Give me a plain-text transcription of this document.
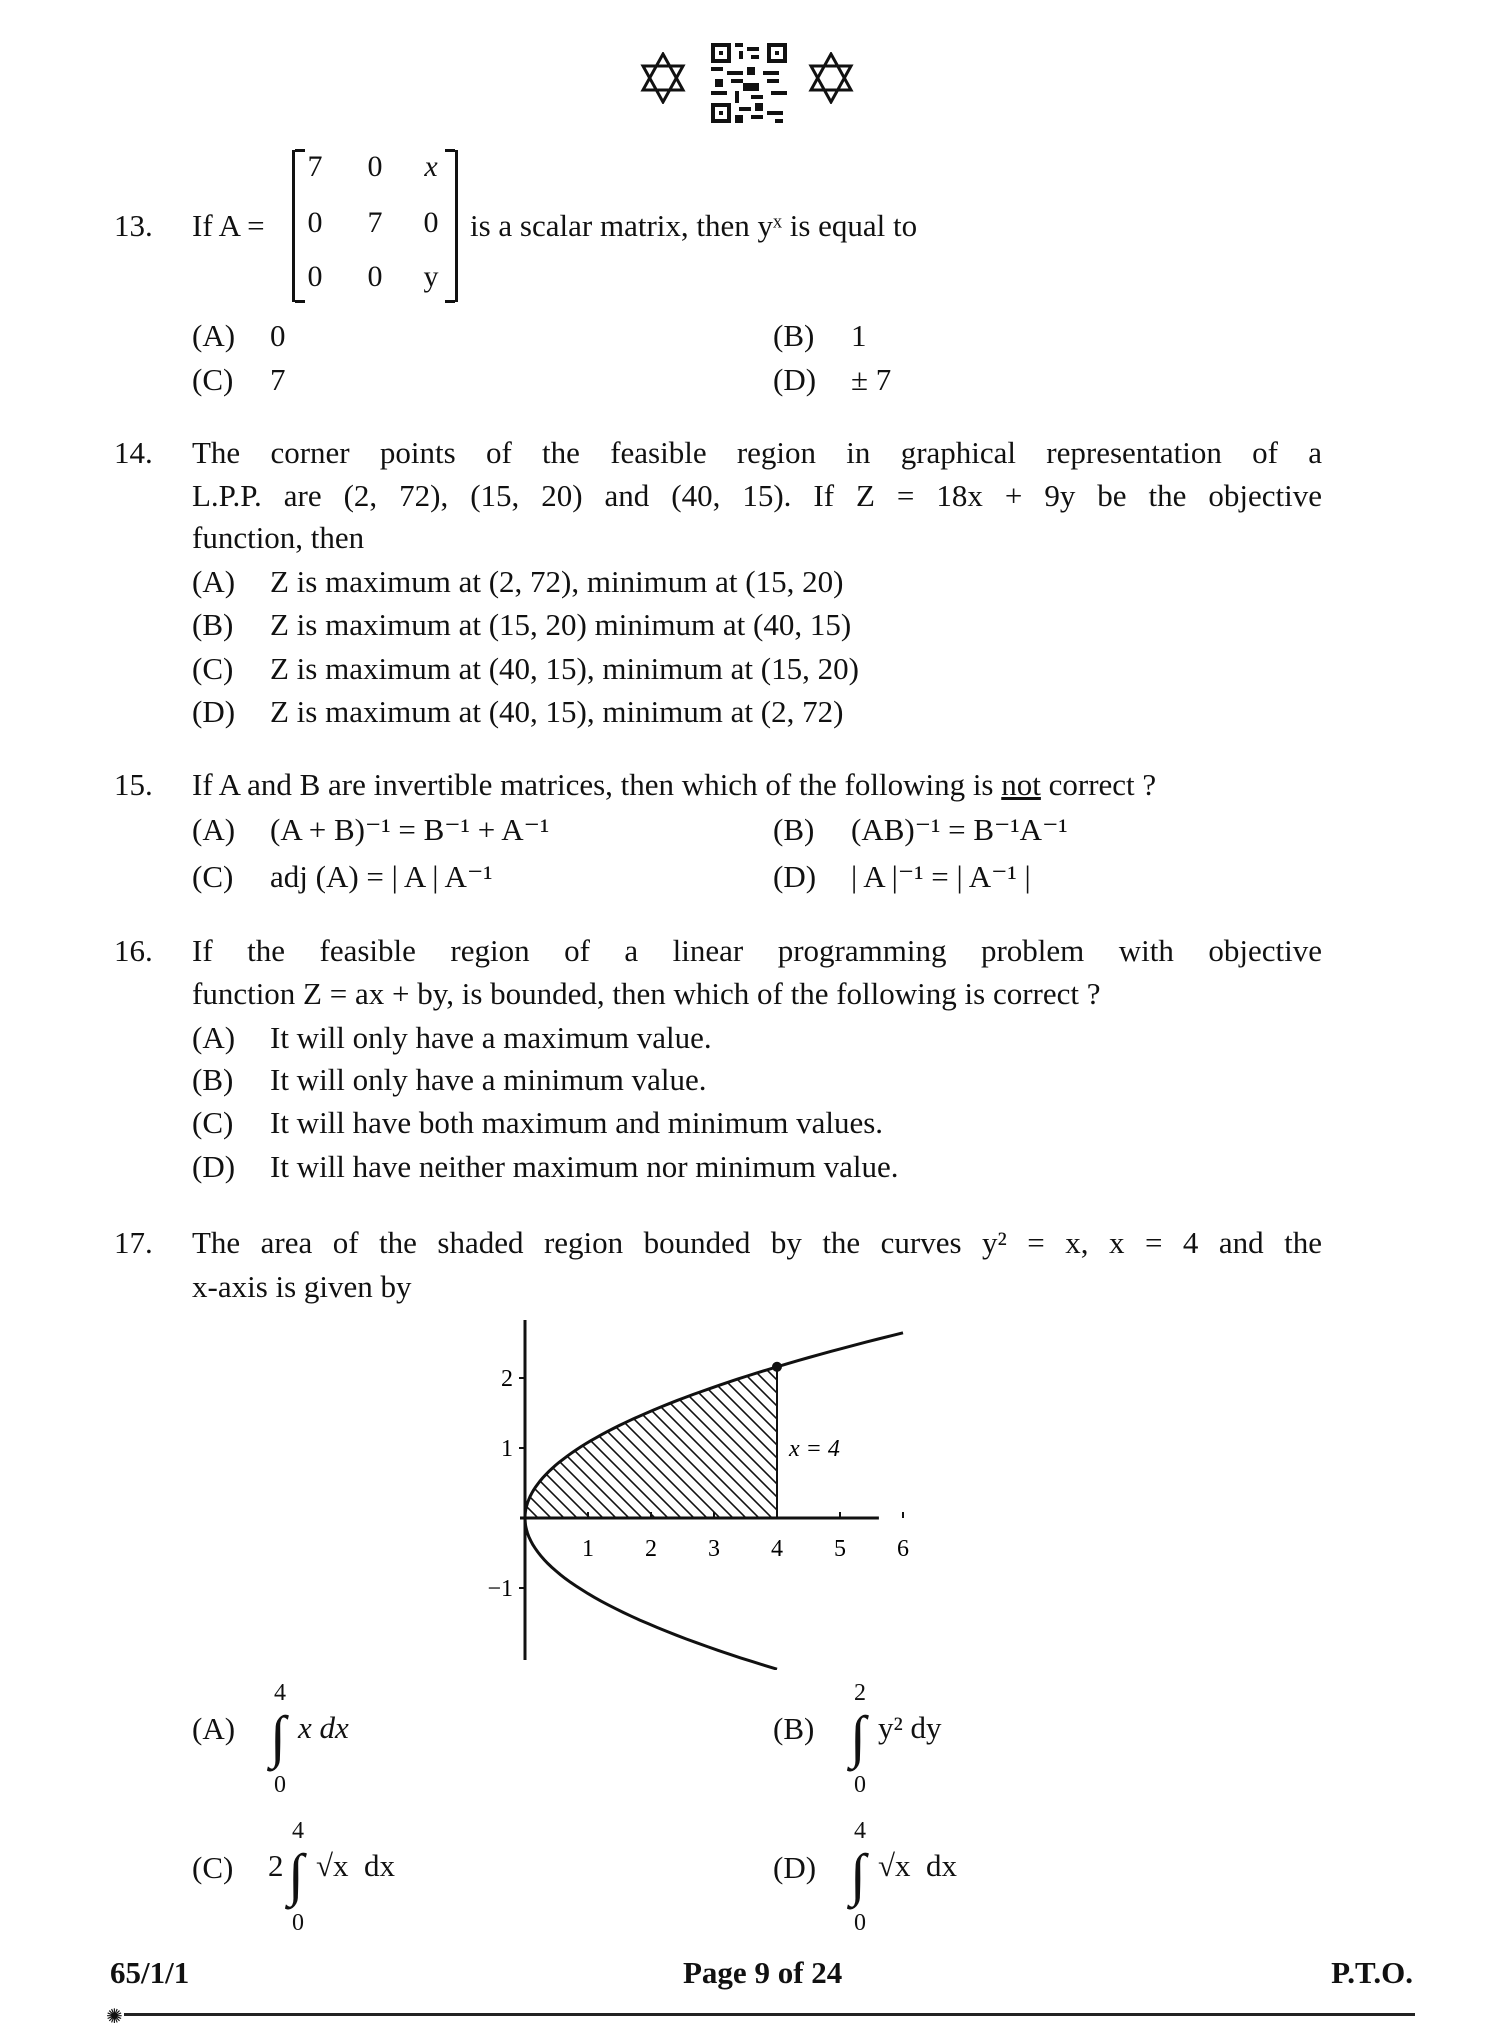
13. If A =
7	0	x
0	7	0
0	0	y
is a scalar matrix, then yˣ is equal to
(A) 0	(B) 1
(C) 7	(D) ± 7
14. The corner points of the feasible region in graphical representation of a
L.P.P. are (2, 72), (15, 20) and (40, 15). If Z = 18x + 9y be the objective
function, then
(A) Z is maximum at (2, 72), minimum at (15, 20)
(B) Z is maximum at (15, 20) minimum at (40, 15)
(C) Z is maximum at (40, 15), minimum at (15, 20)
(D) Z is maximum at (40, 15), minimum at (2, 72)
15. If A and B are invertible matrices, then which of the following is not correct ?
(A) (A + B)⁻¹ = B⁻¹ + A⁻¹	(B) (AB)⁻¹ = B⁻¹A⁻¹
(C) adj (A) = | A | A⁻¹	(D) | A |⁻¹ = | A⁻¹ |
16. If the feasible region of a linear programming problem with objective
function Z = ax + by, is bounded, then which of the following is correct ?
(A) It will only have a maximum value.
(B) It will only have a minimum value.
(C) It will have both maximum and minimum values.
(D) It will have neither maximum nor minimum value.
17. The area of the shaded region bounded by the curves y² = x, x = 4 and the
x-axis is given by
1 2 3 4 5 6
2
1
−1
x = 4
(A)
4
∫
0
x dx	(B)
2
∫
0
y² dy
(C) 2
4
∫
0
√x  dx	(D)
4
∫
0
√x  dx
65/1/1	Page 9 of 24	P.T.O.
✺
